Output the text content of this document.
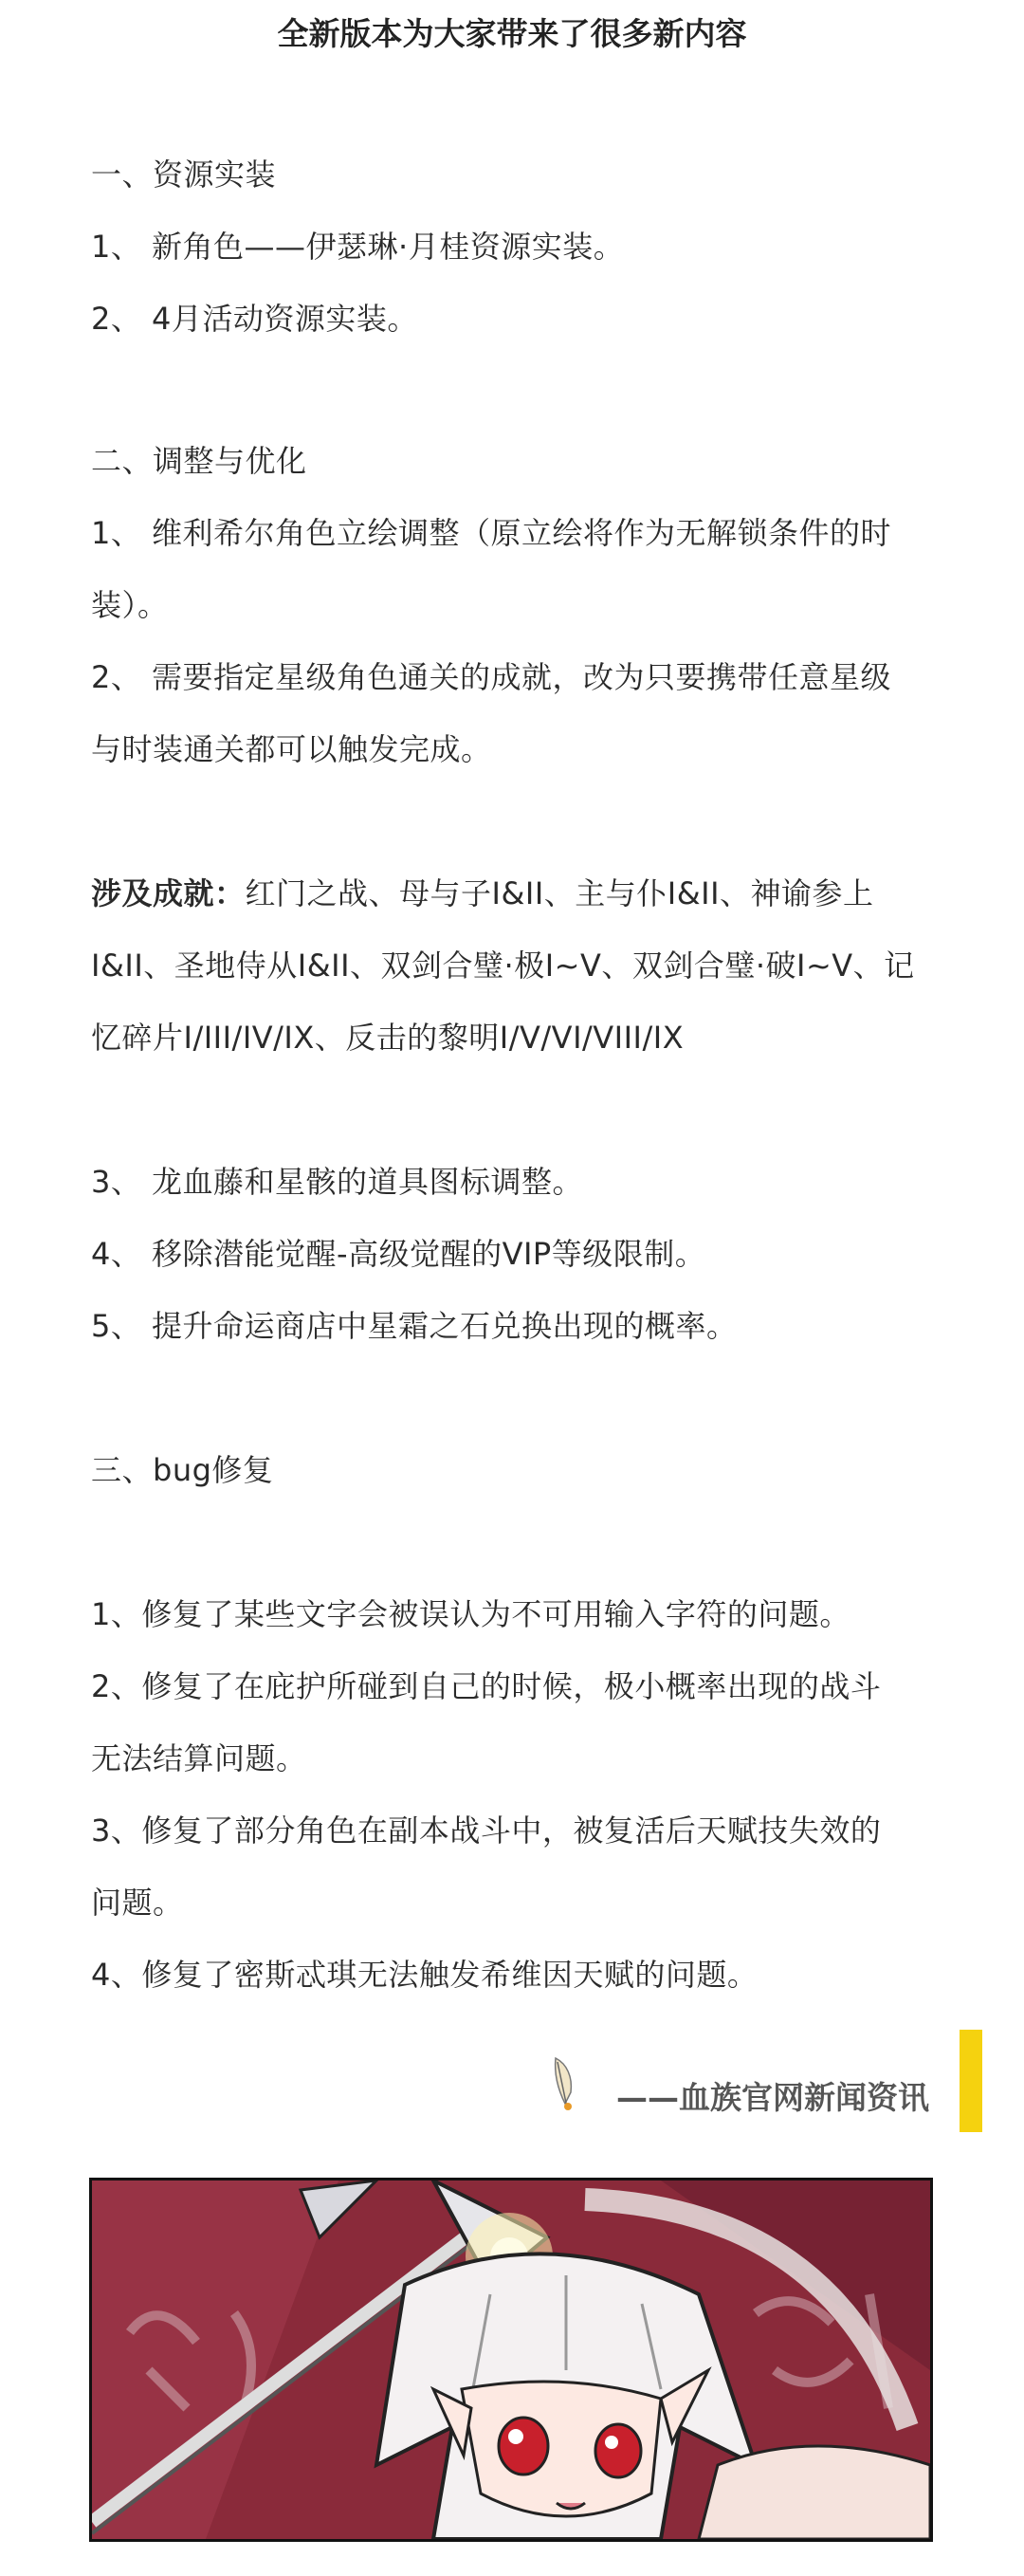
全新版本为大家带来了很多新内容
一、资源实装
1、 新角色——伊瑟琳·月桂资源实装。
2、 4月活动资源实装。
二、调整与优化
1、 维利希尔角色立绘调整（原立绘将作为无解锁条件的时
装）。
2、 需要指定星级角色通关的成就，改为只要携带任意星级
与时装通关都可以触发完成。
涉及成就：红门之战、母与子I&II、主与仆I&II、神谕参上
I&II、圣地侍从I&II、双剑合璧·极I~V、双剑合璧·破I~V、记
忆碎片I/III/IV/IX、反击的黎明I/V/VI/VIII/IX
3、 龙血藤和星骸的道具图标调整。
4、 移除潜能觉醒-高级觉醒的VIP等级限制。
5、 提升命运商店中星霜之石兑换出现的概率。
三、bug修复
1、修复了某些文字会被误认为不可用输入字符的问题。
2、修复了在庇护所碰到自己的时候，极小概率出现的战斗
无法结算问题。
3、修复了部分角色在副本战斗中，被复活后天赋技失效的
问题。
4、修复了密斯忒琪无法触发希维因天赋的问题。
——血族官网新闻资讯
